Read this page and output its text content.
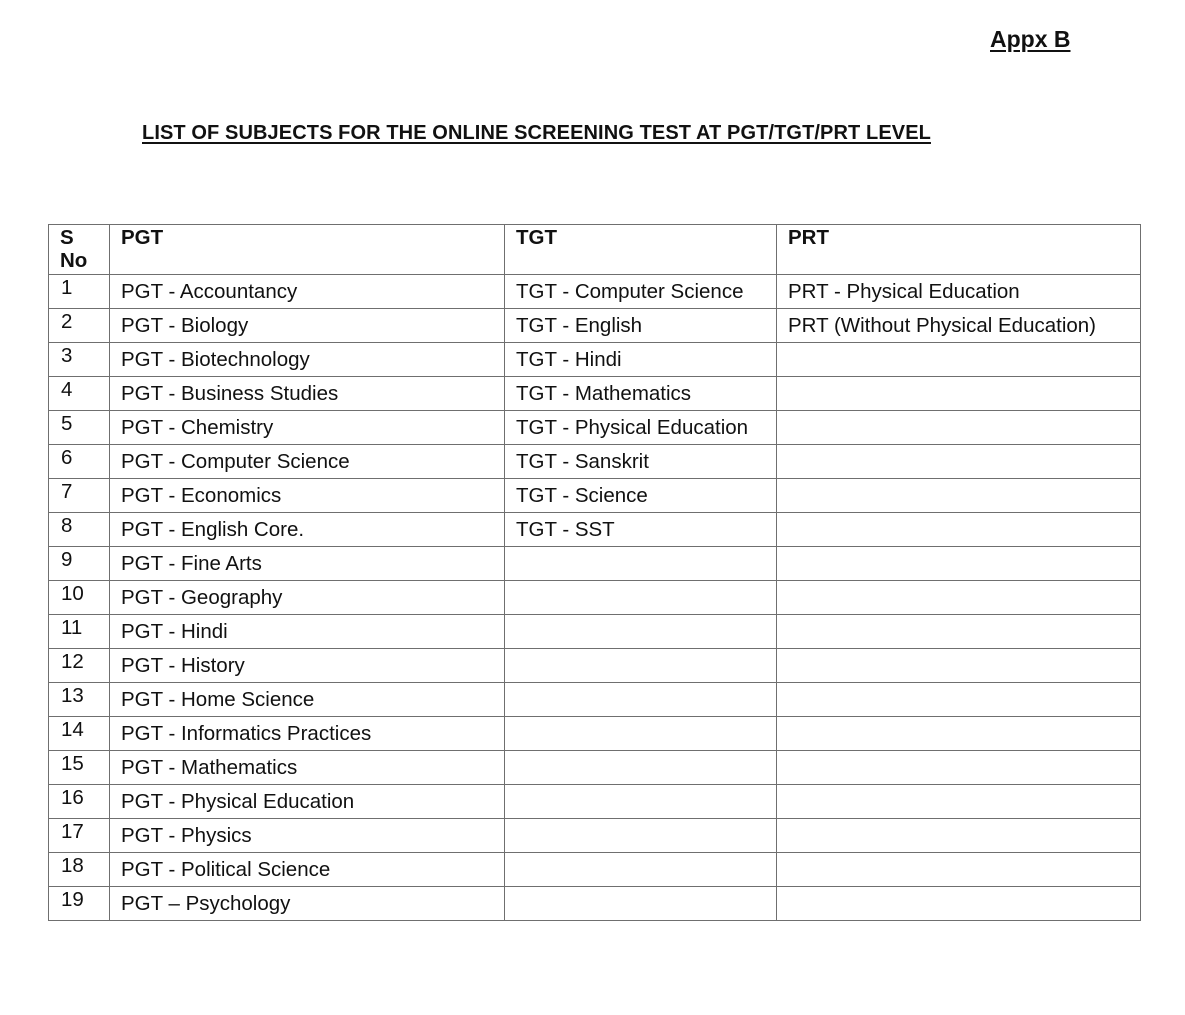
Appx B
LIST OF SUBJECTS FOR THE ONLINE SCREENING TEST AT PGT/TGT/PRT LEVEL
S
No	PGT	TGT	PRT
1	PGT - Accountancy	TGT - Computer Science	PRT - Physical Education
2	PGT - Biology	TGT - English	PRT (Without Physical Education)
3	PGT - Biotechnology	TGT - Hindi	
4	PGT - Business Studies	TGT - Mathematics	
5	PGT - Chemistry	TGT - Physical Education	
6	PGT - Computer Science	TGT - Sanskrit	
7	PGT - Economics	TGT - Science	
8	PGT - English Core.	TGT - SST	
9	PGT - Fine Arts		
10	PGT - Geography		
11	PGT - Hindi		
12	PGT - History		
13	PGT - Home Science		
14	PGT - Informatics Practices		
15	PGT - Mathematics		
16	PGT - Physical Education		
17	PGT - Physics		
18	PGT - Political Science		
19	PGT – Psychology		
